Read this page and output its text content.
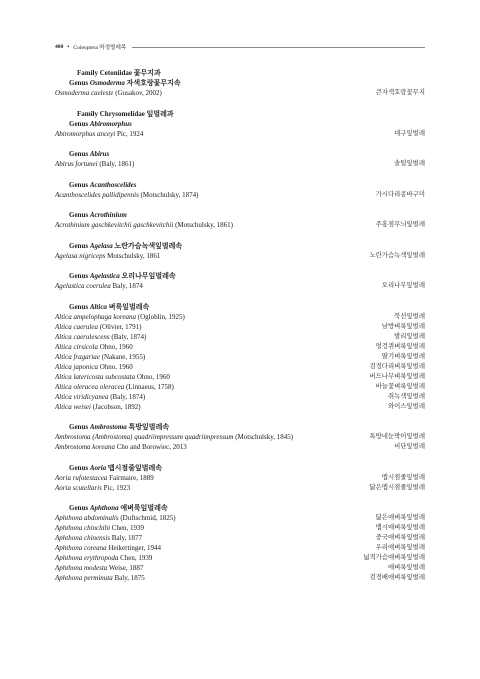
400 • Coleoptera 딱정벌레목
Family Cetoniidae 꽃무지과
Genus Osmoderma 자색호랑꽃무지속
Osmoderma caeleste (Gusakov, 2002)	큰자색호랑꽃무지
Family Chrysomelidae 잎벌레과
Genus Abiromorphus
Abiromorphus anceyi Pic, 1924	대구잎벌레
Genus Abirus
Abirus fortunei (Baly, 1861)	솔털잎벌레
Genus Acanthoscelides
Acanthoscelides pallidipennis (Motschulsky, 1874)	가시다리콩바구미
Genus Acrothinium
Acrothinium gaschkevitchii gaschkevitchii (Motschulsky, 1861)	주홍점무늬잎벌레
Genus Agelasa 노란가슴녹색잎벌레속
Agelasa nigriceps Motschulsky, 1861	노란가슴녹색잎벌레
Genus Agelastica 오리나무잎벌레속
Agelastica coerulea Baly, 1874	오리나무잎벌레
Genus Altica 벼룩잎벌레속
Altica ampelophaga koreana (Ogloblin, 1925)	북선잎벌레
Altica caerulea (Olivier, 1791)	남방벼룩잎벌레
Altica caerulescens (Baly, 1874)	발리잎벌레
Altica cirsicola Ohno, 1960	엉겅퀴벼룩잎벌레
Altica fragariae (Nakane, 1955)	딸기벼룩잎벌레
Altica japonica Ohno, 1960	검정다리벼룩잎벌레
Altica latericosta subcostata Ohno, 1960	버드나무벼룩잎벌레
Altica oleracea oleracea (Linnaeus, 1758)	바늘꽃벼룩잎벌레
Altica viridicyanea (Baly, 1874)	쥐녹색잎벌레
Altica weisei (Jacobson, 1892)	와이스잎벌레
Genus Ambrostoma 톡방잎벌레속
Ambrostoma (Ambrostoma) quadriimpressum quadriimpressum (Motschulsky, 1845)	톡방네눈박이잎벌레
Ambrostoma koreana Cho and Borowiec, 2013	비단잎벌레
Genus Aoria 맵시점줄잎벌레속
Aoria rufotestacea Fairmaire, 1889	맵시점줄잎벌레
Aoria scutellaris Pic, 1923	닮은맵시점줄잎벌레
Genus Aphthona 애벼룩잎벌레속
Aphthona abdominalis (Duftschmid, 1825)	닮은애벼룩잎벌레
Aphthona chinchihi Chen, 1939	맵시애벼룩잎벌레
Aphthona chinensis Baly, 1877	중국애벼룩잎벌레
Aphthona coreana Heikertinger, 1944	우리애벼룩잎벌레
Aphthona erythropoda Chen, 1939	넓적가슴애벼룩잎벌레
Aphthona modesta Weise, 1887	애벼룩잎벌레
Aphthona perminuta Baly, 1875	검정배애벼룩잎벌레
